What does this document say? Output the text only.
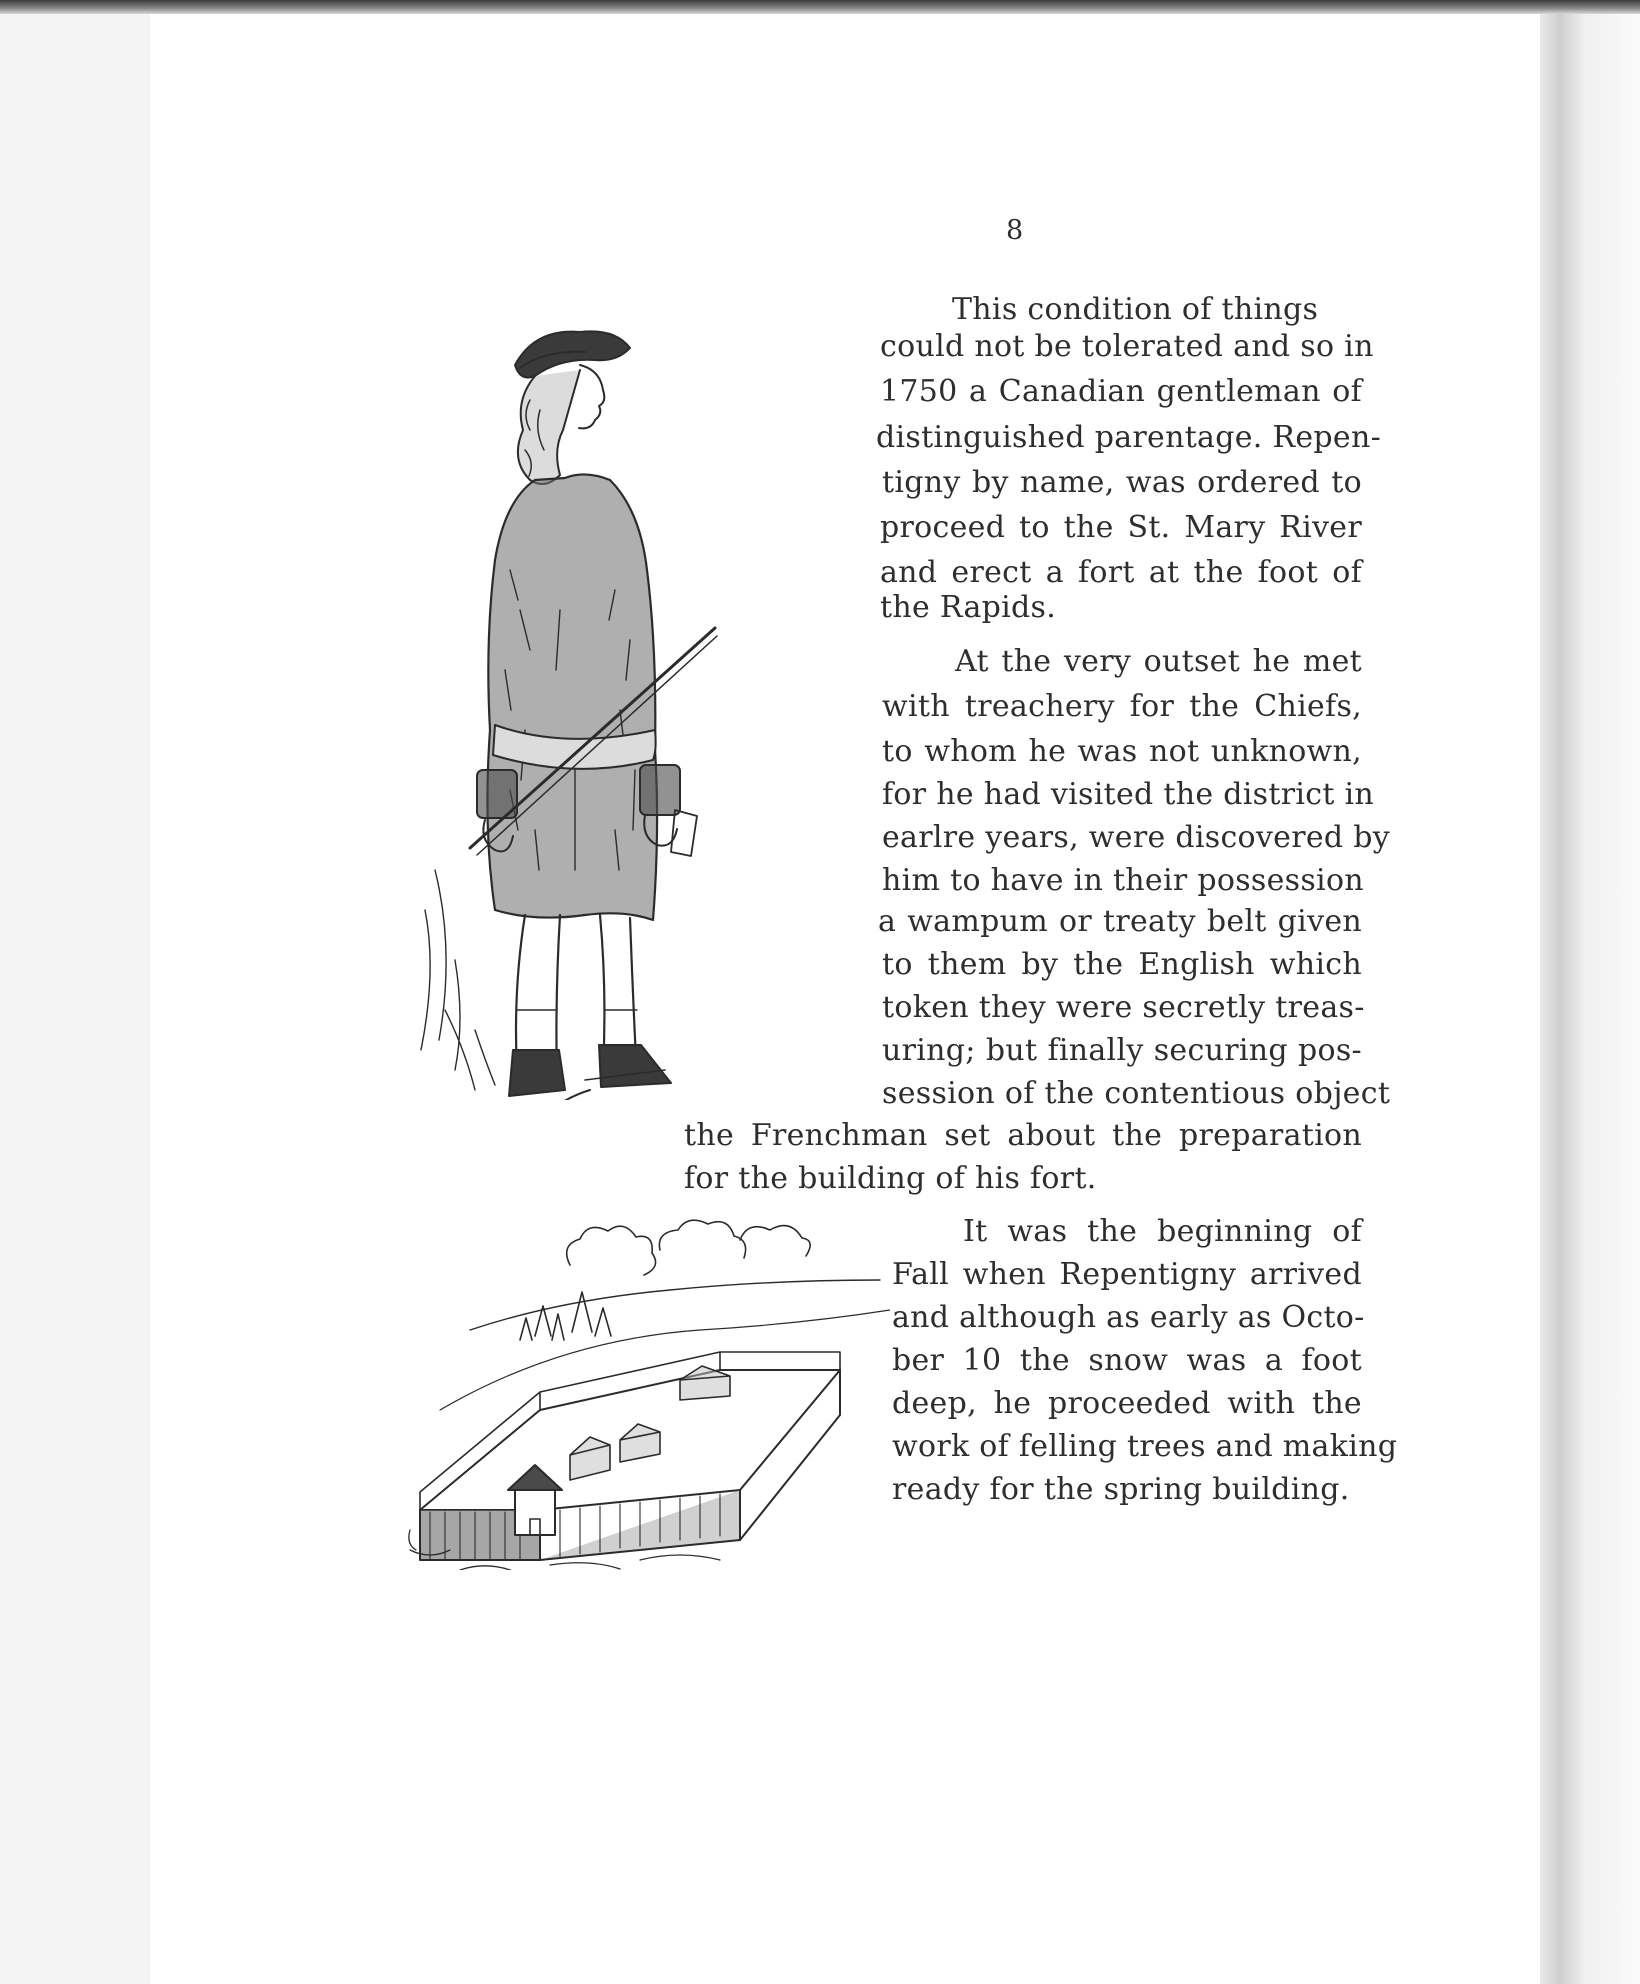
8
This condition of things
could not be tolerated and so in
1750 a Canadian gentleman of
distinguished parentage. Repen-
tigny by name, was ordered to
proceed to the St. Mary River
and erect a fort at the foot of
the Rapids.
At the very outset he met
with treachery for the Chiefs,
to whom he was not unknown,
for he had visited the district in
earlre years, were discovered by
him to have in their possession
a wampum or treaty belt given
to them by the English which
token they were secretly treas-
uring; but finally securing pos-
session of the contentious object
the Frenchman set about the preparation
for the building of his fort.
It was the beginning of
Fall when Repentigny arrived
and although as early as Octo-
ber 10 the snow was a foot
deep, he proceeded with the
work of felling trees and making
ready for the spring building.
